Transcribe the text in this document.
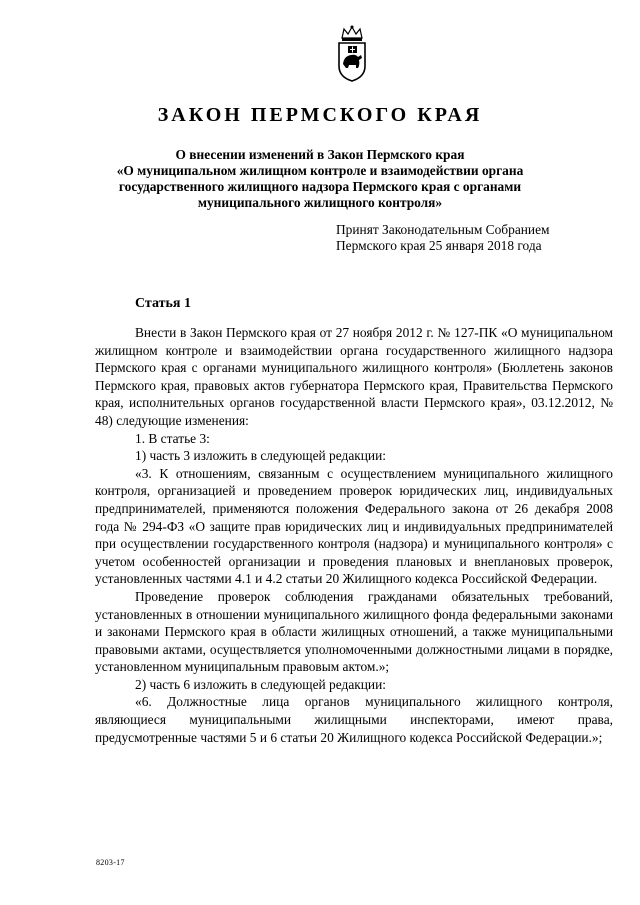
ЗАКОН ПЕРМСКОГО КРАЯ
О внесении изменений в Закон Пермского края
«О муниципальном жилищном контроле и взаимодействии органа
государственного жилищного надзора Пермского края с органами
муниципального жилищного контроля»
Принят Законодательным Собранием
Пермского края 25 января 2018 года
Статья 1

Внести в Закон Пермского края от 27 ноября 2012 г. № 127-ПК «О муниципальном жилищном контроле и взаимодействии органа государственного жилищного надзора Пермского края с органами муниципального жилищного контроля» (Бюллетень законов Пермского края, правовых актов губернатора Пермского края, Правительства Пермского края, исполнительных органов государственной власти Пермского края», 03.12.2012, № 48) следующие изменения:

1. В статье 3:

1) часть 3 изложить в следующей редакции:

«3. К отношениям, связанным с осуществлением муниципального жилищного контроля, организацией и проведением проверок юридических лиц, индивидуальных предпринимателей, применяются положения Федерального закона от 26 декабря 2008 года № 294-ФЗ «О защите прав юридических лиц и индивидуальных предпринимателей при осуществлении государственного контроля (надзора) и муниципального контроля» с учетом особенностей организации и проведения плановых и внеплановых проверок, установленных частями 4.1 и 4.2 статьи 20 Жилищного кодекса Российской Федерации.

Проведение проверок соблюдения гражданами обязательных требований, установленных в отношении муниципального жилищного фонда федеральными законами и законами Пермского края в области жилищных отношений, а также муниципальными правовыми актами, осуществляется уполномоченными должностными лицами в порядке, установленном муниципальным правовым актом.»;

2) часть 6 изложить в следующей редакции:

«6. Должностные лица органов муниципального жилищного контроля, являющиеся муниципальными жилищными инспекторами, имеют права, предусмотренные частями 5 и 6 статьи 20 Жилищного кодекса Российской Федерации.»;

8203-17
